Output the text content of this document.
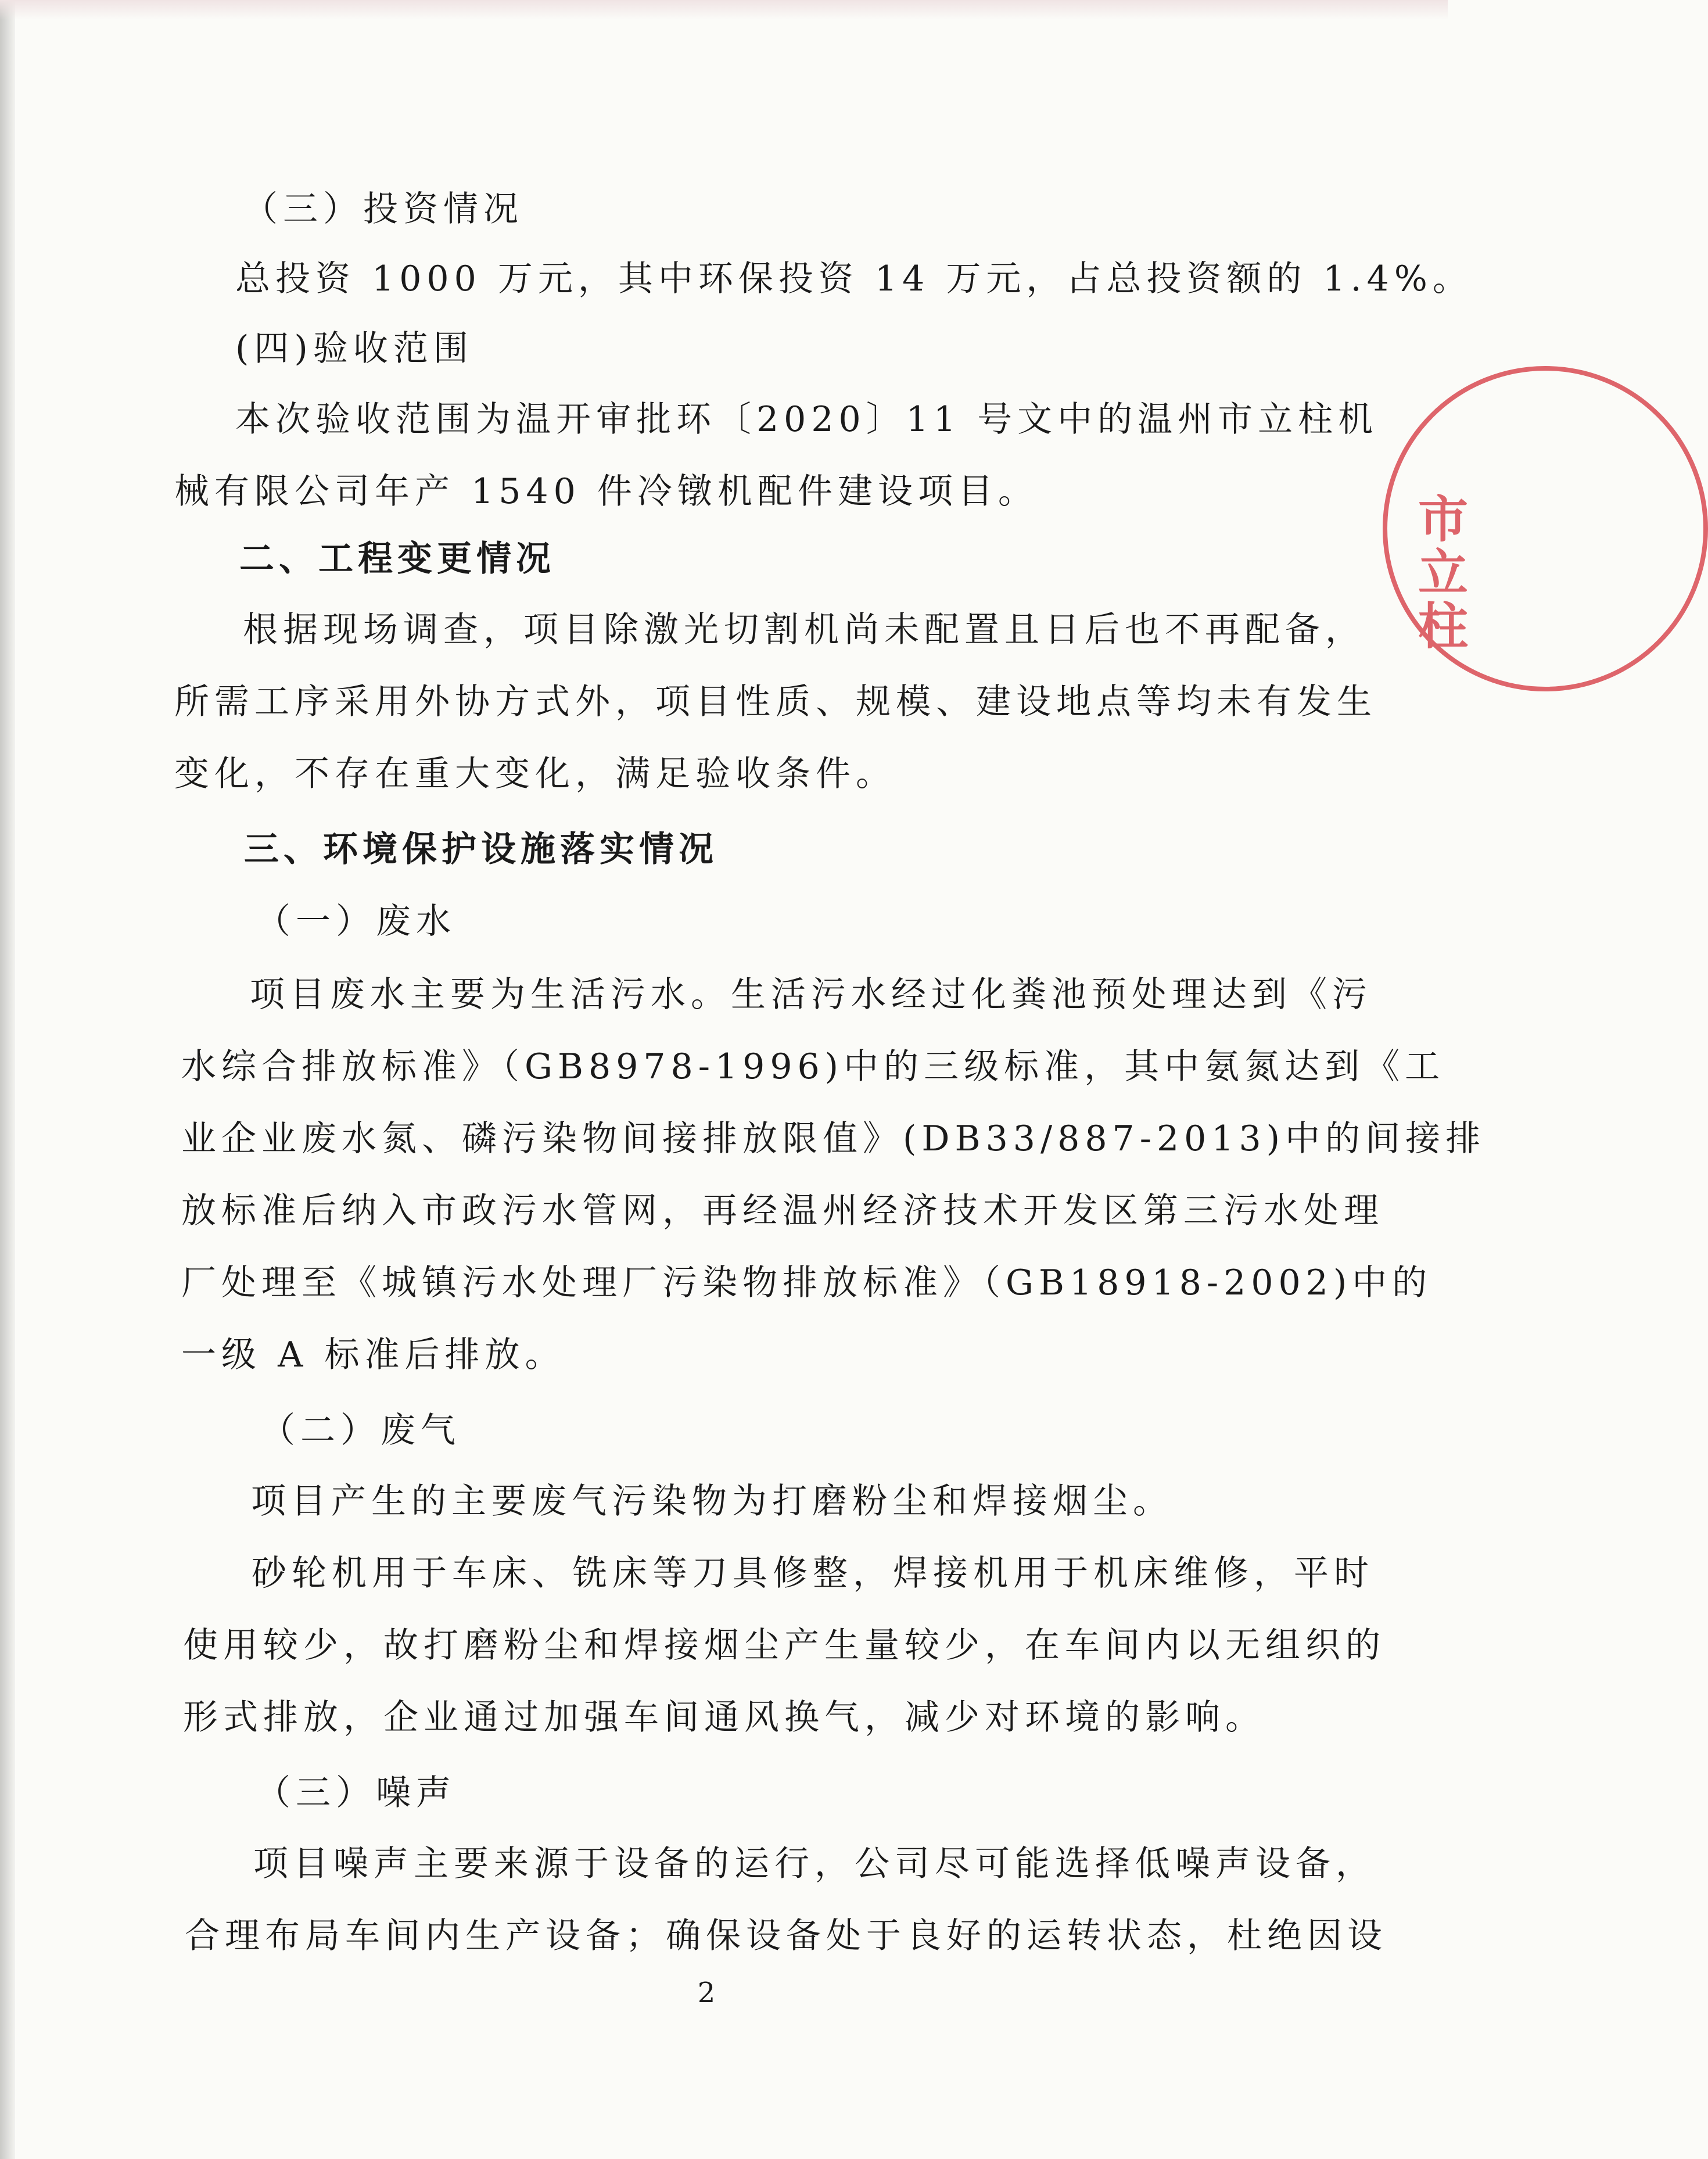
（三）投资情况

总投资 1000 万元，其中环保投资 14 万元，占总投资额的 1.4%。

(四)验收范围

本次验收范围为温开审批环〔2020〕11 号文中的温州市立柱机
械有限公司年产 1540 件冷镦机配件建设项目。

二、工程变更情况

根据现场调查，项目除激光切割机尚未配置且日后也不再配备，
所需工序采用外协方式外，项目性质、规模、建设地点等均未有发生
变化，不存在重大变化，满足验收条件。

三、环境保护设施落实情况

（一）废水

项目废水主要为生活污水。生活污水经过化粪池预处理达到《污
水综合排放标准》（GB8978-1996)中的三级标准，其中氨氮达到《工
业企业废水氮、磷污染物间接排放限值》(DB33/887-2013)中的间接排
放标准后纳入市政污水管网，再经温州经济技术开发区第三污水处理
厂处理至《城镇污水处理厂污染物排放标准》（GB18918-2002)中的
一级 A 标准后排放。

（二）废气

项目产生的主要废气污染物为打磨粉尘和焊接烟尘。

砂轮机用于车床、铣床等刀具修整，焊接机用于机床维修，平时
使用较少，故打磨粉尘和焊接烟尘产生量较少，在车间内以无组织的
形式排放，企业通过加强车间通风换气，减少对环境的影响。

（三）噪声

项目噪声主要来源于设备的运行，公司尽可能选择低噪声设备，
合理布局车间内生产设备；确保设备处于良好的运转状态，杜绝因设

2
市立柱
